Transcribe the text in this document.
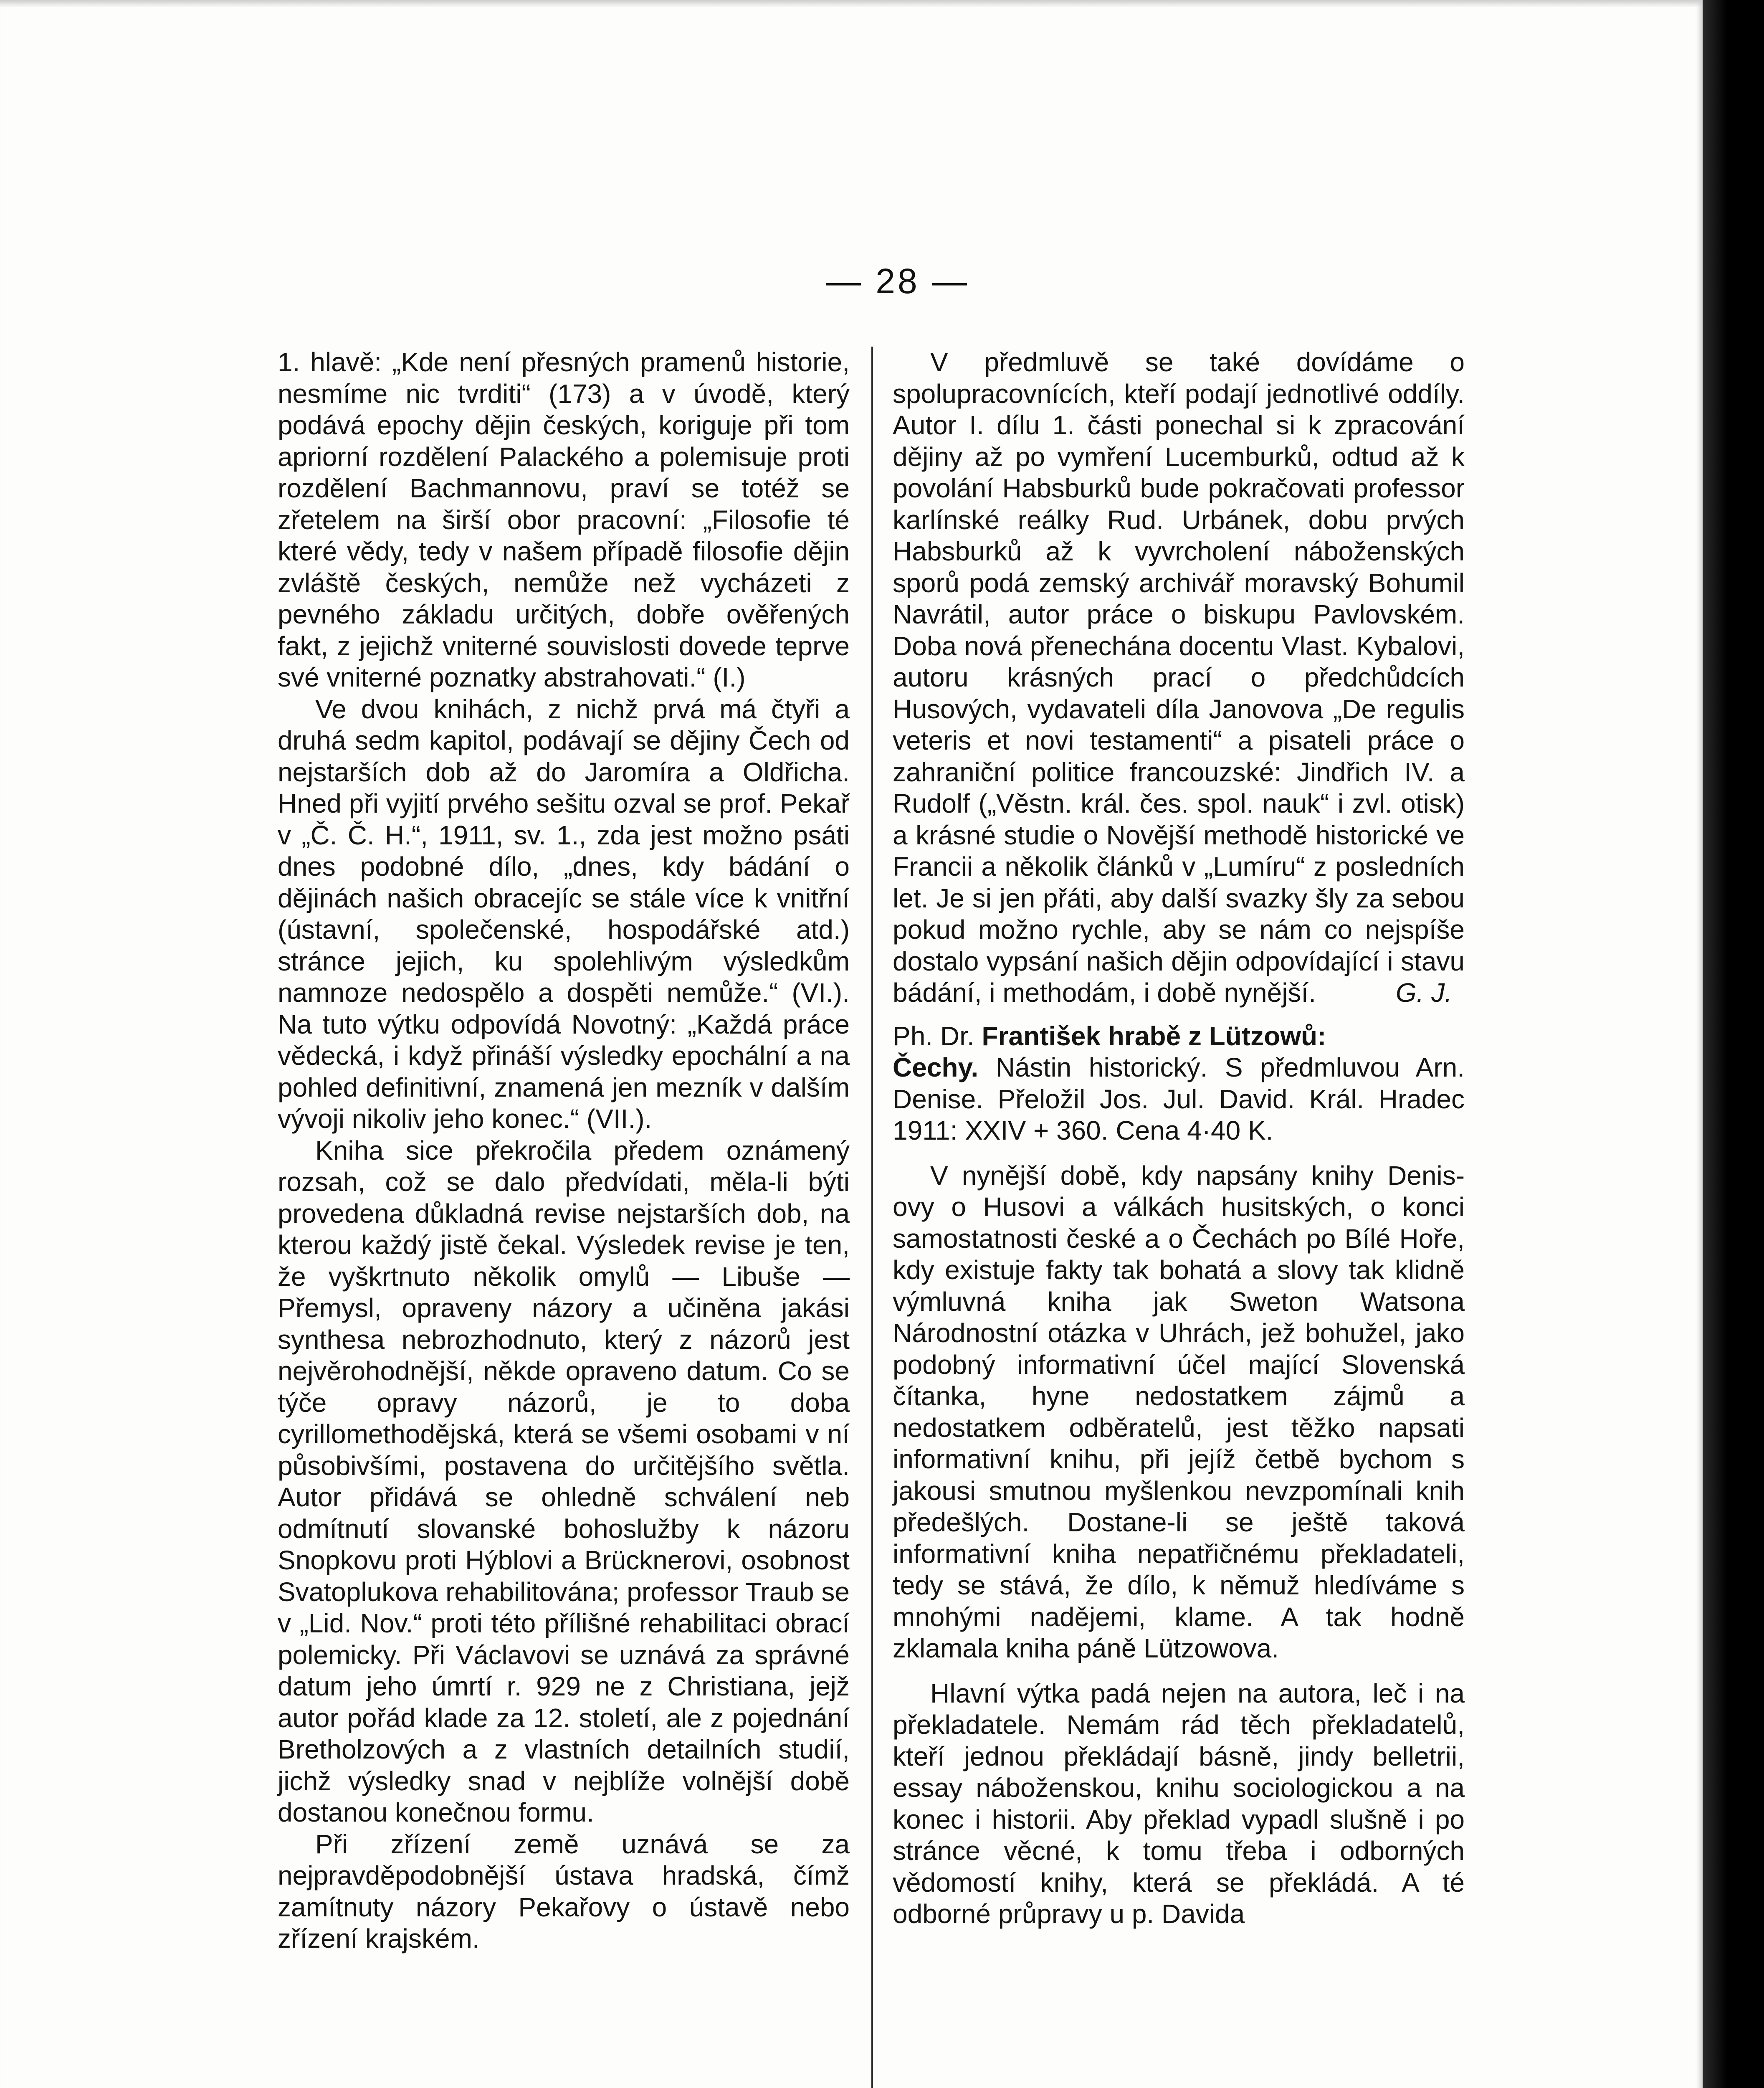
— 28 —

1. hlavě: „Kde není přesných pramenů historie, nesmíme nic tvrditi“ (173) a v úvodě, který podává epochy dějin českých, koriguje při tom apriorní rozdělení Palackého a polemisuje proti rozdělení Bachmannovu, praví se totéž se zřetelem na širší obor pracovní: „Filosofie té které vědy, tedy v našem případě filosofie dějin zvláště českých, nemůže než vycházeti z pevného základu určitých, dobře ověřených fakt, z jejichž vniterné souvislosti dovede teprve své vniterné poznatky abstrahovati.“ (I.)

Ve dvou knihách, z nichž prvá má čtyři a druhá sedm kapitol, podávají se dějiny Čech od nejstarších dob až do Jaromíra a Oldřicha. Hned při vyjití prvého sešitu ozval se prof. Pekař v „Č. Č. H.“, 1911, sv. 1., zda jest možno psáti dnes podobné dílo, „dnes, kdy bádání o dějinách našich obracejíc se stále více k vnitřní (ústavní, společenské, hospodářské atd.) stránce jejich, ku spolehlivým výsledkům namnoze nedospělo a dospěti nemůže.“ (VI.). Na tuto výtku odpovídá Novotný: „Každá práce vědecká, i když přináší výsledky epochální a na pohled definitivní, znamená jen mezník v dalším vývoji nikoliv jeho konec.“ (VII.).

Kniha sice překročila předem oznámený rozsah, což se dalo předvídati, měla-li býti provedena důkladná revise nejstarších dob, na kterou každý jistě čekal. Výsledek revise je ten, že vyškrtnuto několik omylů — Libuše — Přemysl, opraveny názory a učiněna jakási synthesa nebrozhodnuto, který z názorů jest nejvěrohodnější, někde opraveno datum. Co se týče opravy názorů, je to doba cyrillomethodějská, která se všemi osobami v ní působivšími, postavena do určitějšího světla. Autor přidává se ohledně schválení neb odmítnutí slovanské bohoslužby k názoru Snopkovu proti Hýblovi a Brücknerovi, osobnost Svatoplukova rehabilitována; professor Traub se v „Lid. Nov.“ proti této přílišné rehabilitaci obrací polemicky. Při Václavovi se uznává za správné datum jeho úmrtí r. 929 ne z Christiana, jejž autor pořád klade za 12. století, ale z pojednání Bretholzových a z vlastních detailních studií, jichž výsledky snad v nejblíže volnější době dostanou konečnou formu.

Při zřízení země uznává se za nejpravděpodobnější ústava hradská, čímž zamítnuty názory Pekařovy o ústavě nebo zřízení krajském.

V předmluvě se také dovídáme o spolupracovnících, kteří podají jednotlivé oddíly. Autor I. dílu 1. části ponechal si k zpracování dějiny až po vymření Lucemburků, odtud až k povolání Habsburků bude pokračovati professor karlínské reálky Rud. Urbánek, dobu prvých Habsburků až k vyvrcholení náboženských sporů podá zemský archivář moravský Bohumil Navrátil, autor práce o biskupu Pavlovském. Doba nová přenechána docentu Vlast. Kybalovi, autoru krásných prací o předchůdcích Husových, vydavateli díla Janovova „De regulis veteris et novi testamenti“ a pisateli práce o zahraniční politice francouzské: Jindřich IV. a Rudolf („Věstn. král. čes. spol. nauk“ i zvl. otisk) a krásné studie o Novější methodě historické ve Francii a několik článků v „Lumíru“ z posledních let. Je si jen přáti, aby další svazky šly za sebou pokud možno rychle, aby se nám co nejspíše dostalo vypsání našich dějin odpovídající i stavu bádání, i methodám, i době nynější.	G. J.

Ph. Dr. František hrabě z Lützowů:
Čechy. Nástin historický. S předmluvou Arn. Denise. Přeložil Jos. Jul. David. Král. Hradec 1911: XXIV + 360. Cena 4·40 K.

V nynější době, kdy napsány knihy Denis-ovy o Husovi a válkách husitských, o konci samostatnosti české a o Čechách po Bílé Hoře, kdy existuje fakty tak bohatá a slovy tak klidně výmluvná kniha jak Sweton Watsona Národnostní otázka v Uhrách, jež bohužel, jako podobný informativní účel mající Slovenská čítanka, hyne nedostatkem zájmů a nedostatkem odběratelů, jest těžko napsati informativní knihu, při jejíž četbě bychom s jakousi smutnou myšlenkou nevzpomínali knih předešlých. Dostane-li se ještě taková informativní kniha nepatřičnému překladateli, tedy se stává, že dílo, k němuž hledíváme s mnohými nadějemi, klame. A tak hodně zklamala kniha páně Lützowova.

Hlavní výtka padá nejen na autora, leč i na překladatele. Nemám rád těch překladatelů, kteří jednou překládají básně, jindy belletrii, essay náboženskou, knihu sociologickou a na konec i historii. Aby překlad vypadl slušně i po stránce věcné, k tomu třeba i odborných vědomostí knihy, která se překládá. A té odborné průpravy u p. Davida
